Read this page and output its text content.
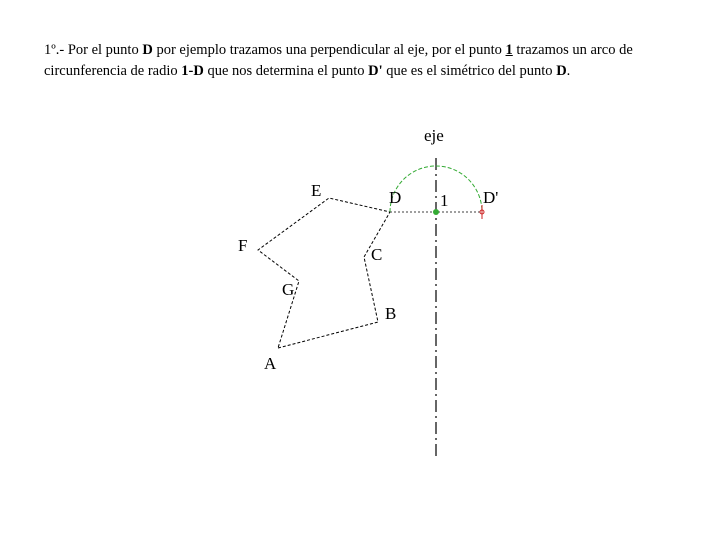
1º.- Por el punto D por ejemplo trazamos una perpendicular al eje, por el punto 1 trazamos un arco de circunferencia de radio 1-D que nos determina el punto D' que es el simétrico del punto D.
eje
E	D 1 D'
F	C
G
B
A
